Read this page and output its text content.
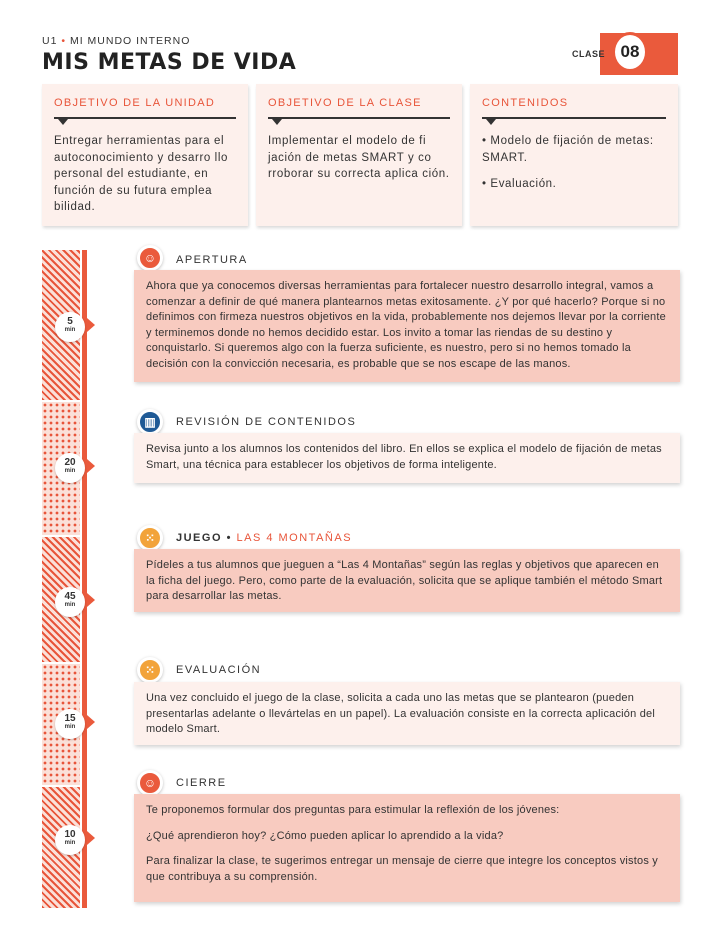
U1 • MI MUNDO INTERNO
MIS METAS DE VIDA	CLASE 08
OBJETIVO DE LA UNIDAD

Entregar herramientas para el autoconocimiento y desarro llo personal del estudiante, en función de su futura emplea bilidad.

OBJETIVO DE LA CLASE

Implementar el modelo de fi jación de metas SMART y co rroborar su correcta aplica ción.

CONTENIDOS

• Modelo de fijación de metas: SMART.

• Evaluación.

5
min
☺	APERTURA

Ahora que ya conocemos diversas herramientas para fortalecer nuestro desarrollo integral, vamos a comenzar a definir de qué manera plantearnos metas exitosamente. ¿Y por qué hacerlo? Porque si no definimos con firmeza nuestros objetivos en la vida, probablemente nos dejemos llevar por la corriente y terminemos donde no hemos decidido estar. Los invito a tomar las riendas de su destino y conquistarlo. Si queremos algo con la fuerza suficiente, es nuestro, pero si no hemos tomado la decisión con la convicción necesaria, es probable que se nos escape de las manos.

20
min
▥	REVISIÓN DE CONTENIDOS

Revisa junto a los alumnos los contenidos del libro. En ellos se explica el modelo de fijación de metas Smart, una técnica para establecer los objetivos de forma inteligente.

45
min
⁙	JUEGO • LAS 4 MONTAÑAS

Pídeles a tus alumnos que jueguen a “Las 4 Montañas” según las reglas y objetivos que aparecen en la ficha del juego. Pero, como parte de la evaluación, solicita que se aplique también el método Smart para desarrollar las metas.

15
min
⁙	EVALUACIÓN

Una vez concluido el juego de la clase, solicita a cada uno las metas que se plantearon (pueden presentarlas adelante o llevártelas en un papel). La evaluación consiste en la correcta aplicación del modelo Smart.

10
min
☺	CIERRE

Te proponemos formular dos preguntas para estimular la reflexión de los jóvenes:

¿Qué aprendieron hoy? ¿Cómo pueden aplicar lo aprendido a la vida?

Para finalizar la clase, te sugerimos entregar un mensaje de cierre que integre los conceptos vistos y que contribuya a su comprensión.
